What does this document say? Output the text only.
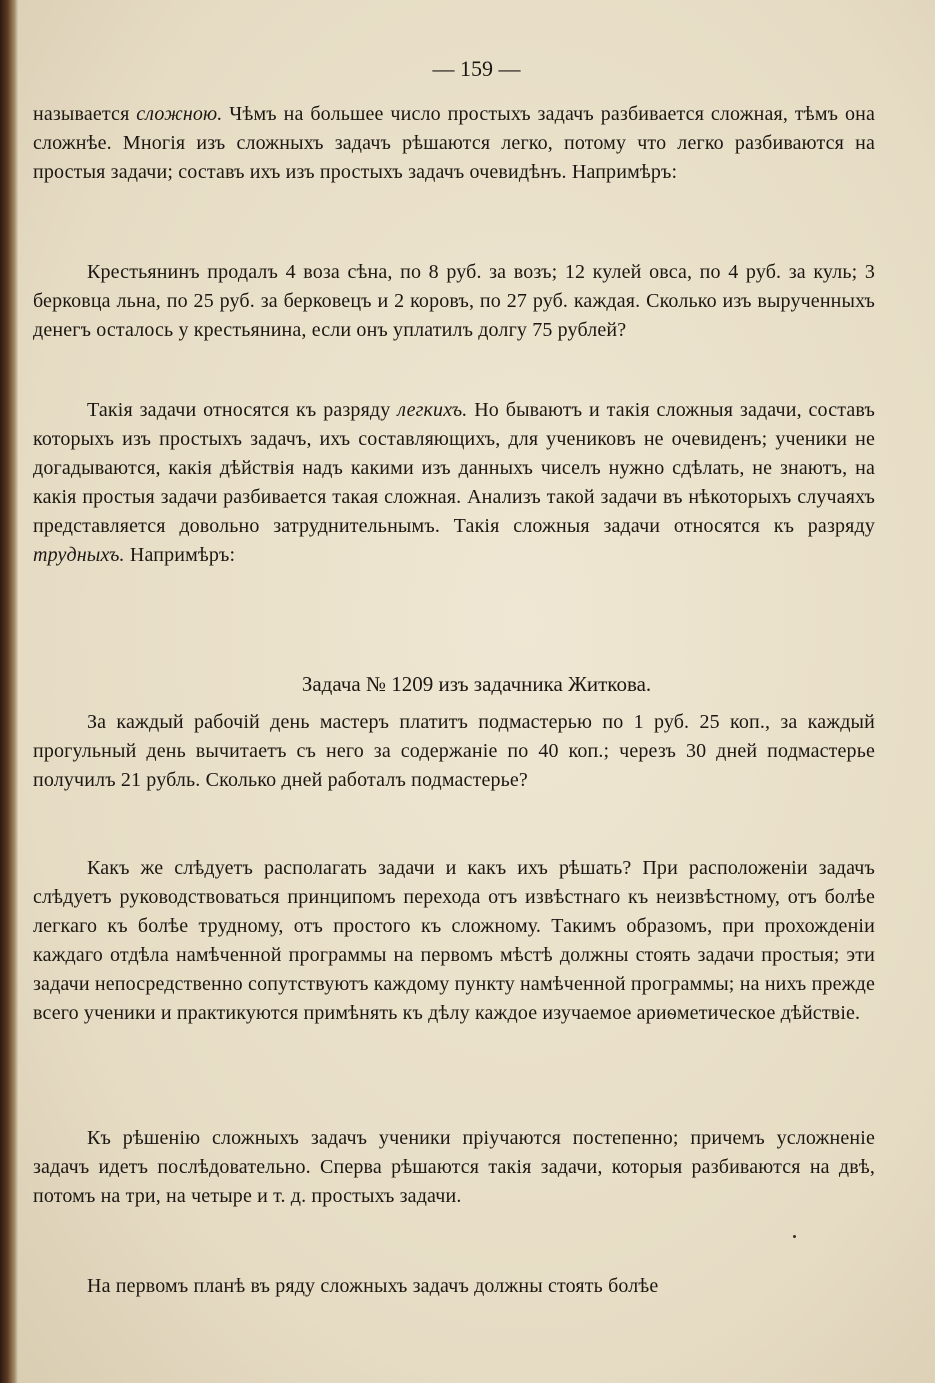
— 159 —

называется сложною. Чѣмъ на большее число простыхъ задачъ разбивается сложная, тѣмъ она сложнѣе. Многія изъ сложныхъ задачъ рѣшаются легко, потому что легко разбиваются на простыя задачи; составъ ихъ изъ простыхъ задачъ очевидѣнъ. Напримѣръ:

Крестьянинъ продалъ 4 воза сѣна, по 8 руб. за возъ; 12 кулей овса, по 4 руб. за куль; 3 берковца льна, по 25 руб. за берковецъ и 2 коровъ, по 27 руб. каждая. Сколько изъ вырученныхъ денегъ осталось у крестьянина, если онъ уплатилъ долгу 75 рублей?

Такія задачи относятся къ разряду легкихъ. Но бываютъ и такія сложныя задачи, составъ которыхъ изъ простыхъ задачъ, ихъ составляющихъ, для учениковъ не очевиденъ; ученики не догадываются, какія дѣйствія надъ какими изъ данныхъ чиселъ нужно сдѣлать, не знаютъ, на какія простыя задачи разбивается такая сложная. Анализъ такой задачи въ нѣкоторыхъ случаяхъ представляется довольно затруднительнымъ. Такія сложныя задачи относятся къ разряду трудныхъ. Напримѣръ:

Задача № 1209 изъ задачника Житкова.

За каждый рабочій день мастеръ платитъ подмастерью по 1 руб. 25 коп., за каждый прогульный день вычитаетъ съ него за содержаніе по 40 коп.; черезъ 30 дней подмастерье получилъ 21 рубль. Сколько дней работалъ подмастерье?

Какъ же слѣдуетъ располагать задачи и какъ ихъ рѣшать? При расположеніи задачъ слѣдуетъ руководствоваться принципомъ перехода отъ извѣстнаго къ неизвѣстному, отъ болѣе легкаго къ болѣе трудному, отъ простого къ сложному. Такимъ образомъ, при прохожденіи каждаго отдѣла намѣченной программы на первомъ мѣстѣ должны стоять задачи простыя; эти задачи непосредственно сопутствуютъ каждому пункту намѣченной программы; на нихъ прежде всего ученики и практикуются примѣнять къ дѣлу каждое изучаемое ариѳметическое дѣйствіе.

Къ рѣшенію сложныхъ задачъ ученики пріучаются постепенно; причемъ усложненіе задачъ идетъ послѣдовательно. Сперва рѣшаются такія задачи, которыя разбиваются на двѣ, потомъ на три, на четыре и т. д. простыхъ задачи.

На первомъ планѣ въ ряду сложныхъ задачъ должны стоять болѣе
